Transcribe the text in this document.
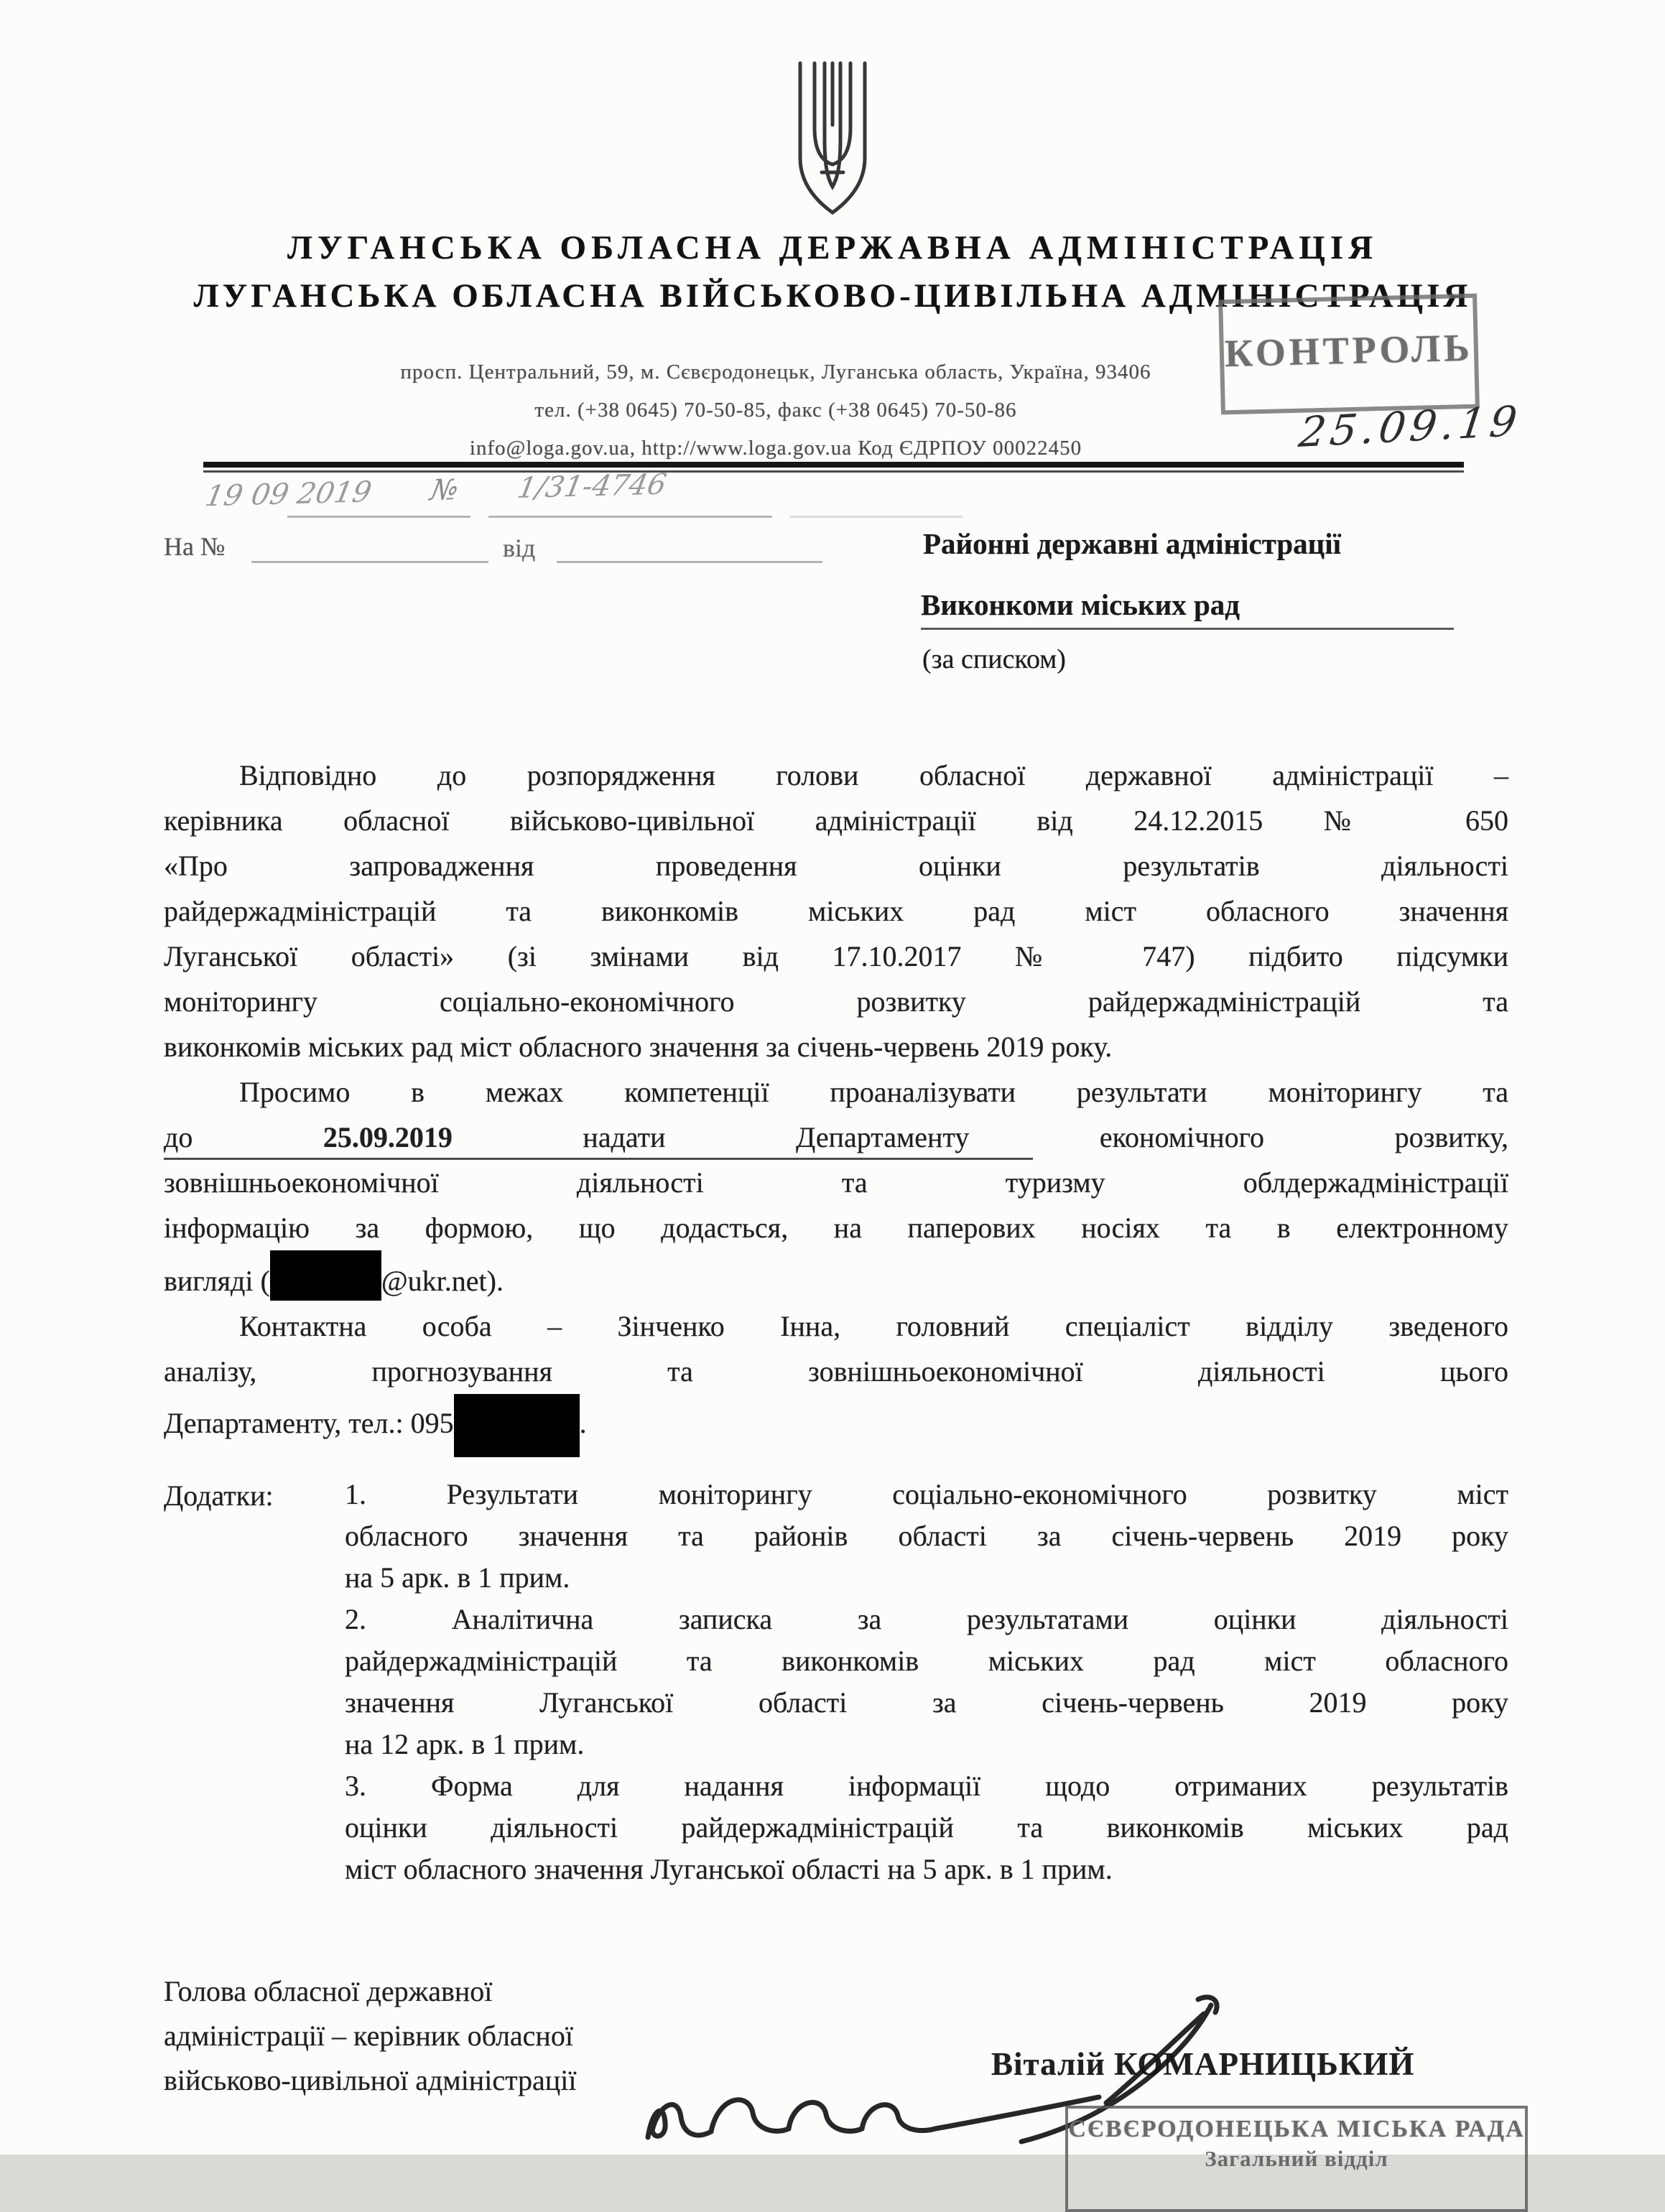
ЛУГАНСЬКА ОБЛАСНА ДЕРЖАВНА АДМІНІСТРАЦІЯ
ЛУГАНСЬКА ОБЛАСНА ВІЙСЬКОВО-ЦИВІЛЬНА АДМІНІСТРАЦІЯ
просп. Центральний, 59, м. Сєвєродонецьк, Луганська область, Україна, 93406
тел. (+38 0645) 70-50-85, факс (+38 0645) 70-50-86
info@loga.gov.ua, http://www.loga.gov.ua Код ЄДРПОУ 00022450
КОНТРОЛЬ
25.09.19
19 09 2019 № 1/31-4746
На №	від	Районні державні адміністрації
Виконкоми міських рад
(за списком)
Відповідно до розпорядження голови обласної державної адміністрації –
керівника обласної військово-цивільної адміністрації від 24.12.2015 № 650
«Про запровадження проведення оцінки результатів діяльності
райдержадміністрацій та виконкомів міських рад міст обласного значення
Луганської області» (зі змінами від 17.10.2017 № 747) підбито підсумки
моніторингу соціально-економічного розвитку райдержадміністрацій та
виконкомів міських рад міст обласного значення за січень-червень 2019 року.
Просимо в межах компетенції проаналізувати результати моніторингу та
до	25.09.2019	надати Департаменту економічного розвитку,
зовнішньоекономічної діяльності та туризму облдержадміністрації
інформацію за формою, що додасться, на паперових носіях та в електронному
вигляді (	@ukr.net).
Контактна особа – Зінченко Інна, головний спеціаліст відділу зведеного
аналізу, прогнозування та зовнішньоекономічної діяльності цього
Департаменту, тел.: 095	.
Додатки: 1. Результати моніторингу соціально-економічного розвитку міст
обласного значення та районів області за січень-червень 2019 року
на 5 арк. в 1 прим.
2. Аналітична записка за результатами оцінки діяльності
райдержадміністрацій та виконкомів міських рад міст обласного
значення Луганської області за січень-червень 2019 року
на 12 арк. в 1 прим.
3. Форма для надання інформації щодо отриманих результатів
оцінки діяльності райдержадміністрацій та виконкомів міських рад
міст обласного значення Луганської області на 5 арк. в 1 прим.
Голова обласної державної
адміністрації – керівник обласної
військово-цивільної адміністрації	Віталій КОМАРНИЦЬКИЙ
СЄВЄРОДОНЕЦЬКА МІСЬКА РАДА
Загальний відділ
